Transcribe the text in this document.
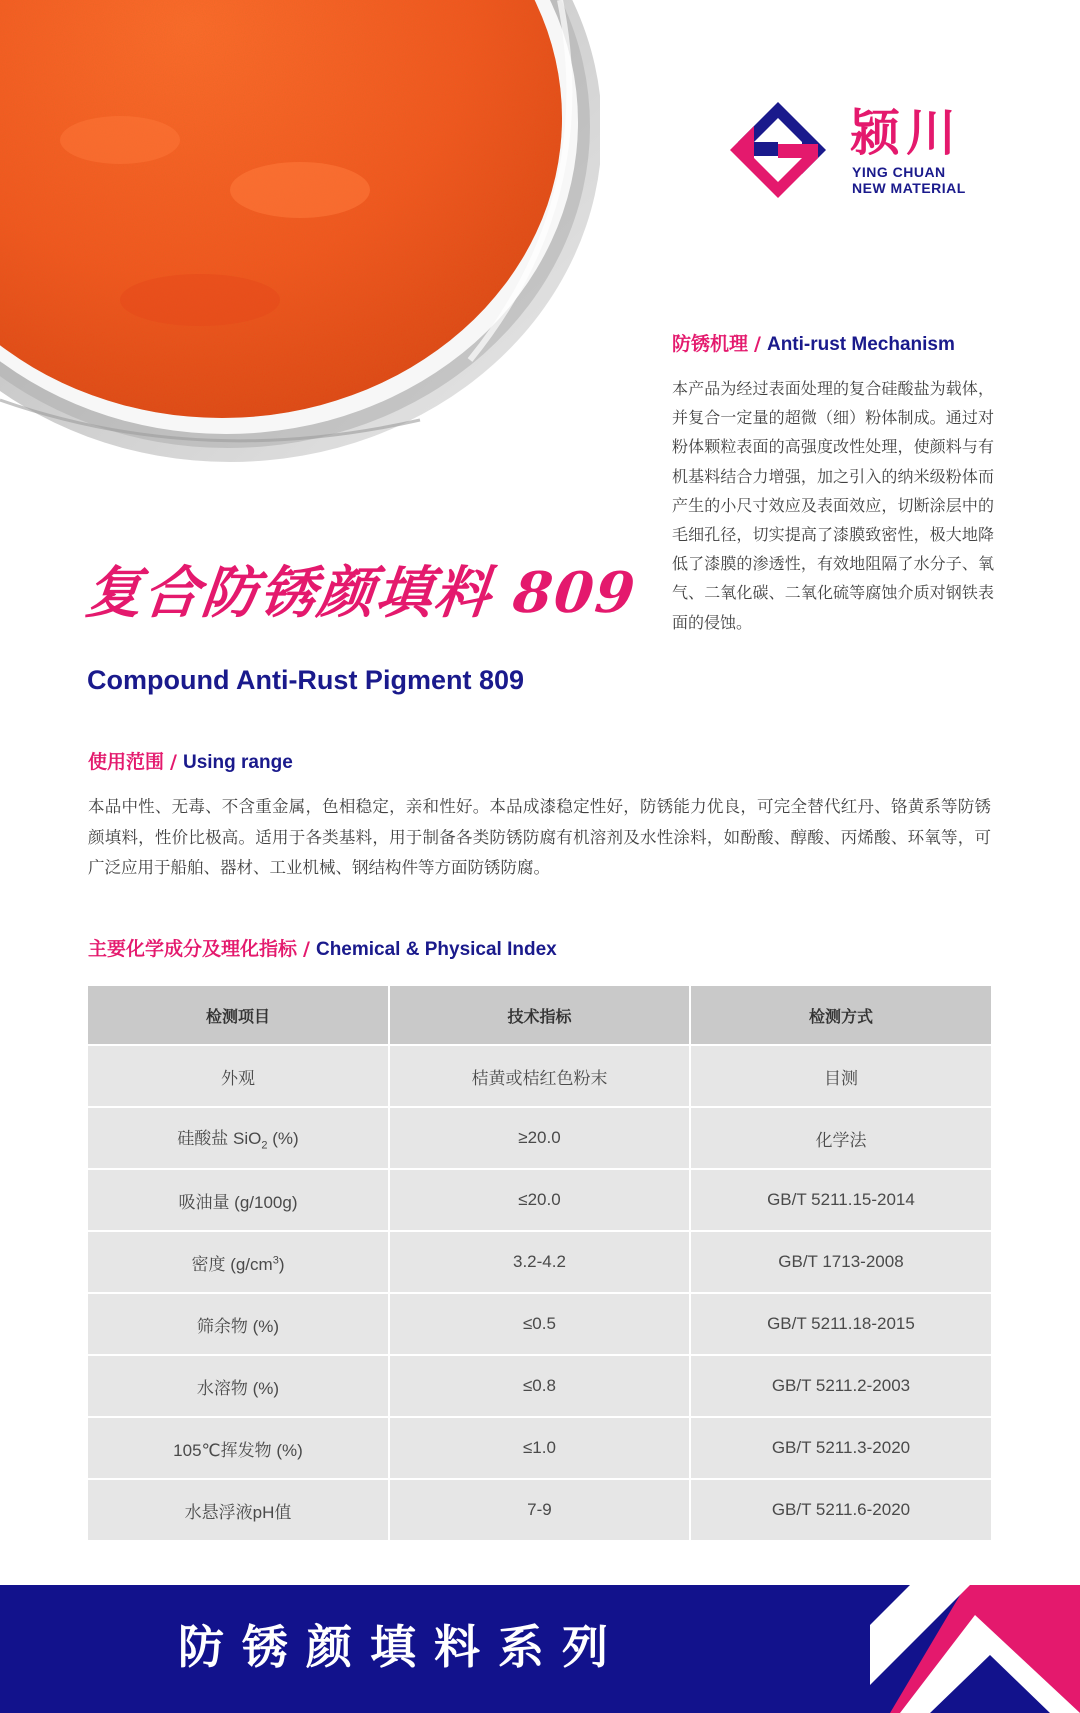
颍川
YING CHUAN
NEW MATERIAL
防锈机理 / Anti-rust Mechanism
本产品为经过表面处理的复合硅酸盐为载体，并复合一定量的超微（细）粉体制成。通过对粉体颗粒表面的高强度改性处理，使颜料与有机基料结合力增强，加之引入的纳米级粉体而产生的小尺寸效应及表面效应，切断涂层中的毛细孔径，切实提高了漆膜致密性，极大地降低了漆膜的渗透性，有效地阻隔了水分子、氧气、二氧化碳、二氧化硫等腐蚀介质对钢铁表面的侵蚀。
复合防锈颜填料 809
Compound Anti-Rust Pigment 809
使用范围 / Using range
本品中性、无毒、不含重金属，色相稳定，亲和性好。本品成漆稳定性好，防锈能力优良，可完全替代红丹、铬黄系等防锈颜填料，性价比极高。适用于各类基料，用于制备各类防锈防腐有机溶剂及水性涂料，如酚酸、醇酸、丙烯酸、环氧等，可广泛应用于船舶、器材、工业机械、钢结构件等方面防锈防腐。
主要化学成分及理化指标 / Chemical & Physical Index
检测项目	技术指标	检测方式
外观	桔黄或桔红色粉末	目测
硅酸盐 SiO$_2$ (%)	≥20.0	化学法
吸油量 (g/100g)	≤20.0	GB/T 5211.15-2014
密度 $(g/cm^3)$	3.2-4.2	GB/T 1713-2008
筛余物 (%)	≤0.5	GB/T 5211.18-2015
水溶物 (%)	≤0.8	GB/T 5211.2-2003
105℃挥发物 (%)	≤1.0	GB/T 5211.3-2020
水悬浮液pH值	7-9	GB/T 5211.6-2020
防锈颜填料系列
